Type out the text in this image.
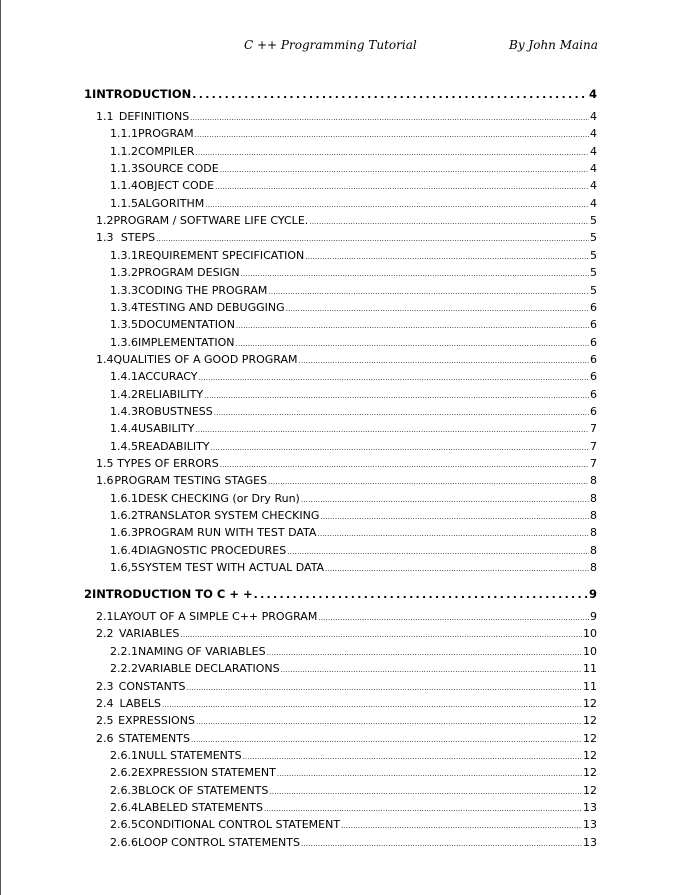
C ++ Programming Tutorial	By John Maina
1 INTRODUCTION .....	4
1.1 DEFINITIONS .....	4
1.1.1 PROGRAM .....	4
1.1.2 COMPILER .....	4
1.1.3 SOURCE CODE .....	4
1.1.4 OBJECT CODE .....	4
1.1.5 ALGORITHM .....	4
1.2 PROGRAM / SOFTWARE LIFE CYCLE. .....	5
1.3 STEPS .....	5
1.3.1 REQUIREMENT SPECIFICATION .....	5
1.3.2 PROGRAM DESIGN .....	5
1.3.3 CODING THE PROGRAM .....	5
1.3.4 TESTING AND DEBUGGING .....	6
1.3.5 DOCUMENTATION .....	6
1.3.6 IMPLEMENTATION .....	6
1.4 QUALITIES OF A GOOD PROGRAM .....	6
1.4.1 ACCURACY .....	6
1.4.2 RELIABILITY .....	6
1.4.3 ROBUSTNESS .....	6
1.4.4 USABILITY .....	7
1.4.5 READABILITY .....	7
1.5 TYPES OF ERRORS .....	7
1.6 PROGRAM TESTING STAGES .....	8
1.6.1 DESK CHECKING (or Dry Run) .....	8
1.6.2 TRANSLATOR SYSTEM CHECKING .....	8
1.6.3 PROGRAM RUN WITH TEST DATA .....	8
1.6.4 DIAGNOSTIC PROCEDURES .....	8
1.6,5 SYSTEM TEST WITH ACTUAL DATA .....	8
2 INTRODUCTION TO C + + .....	9
2.1 LAYOUT OF A SIMPLE C++ PROGRAM .....	9
2.2 VARIABLES .....	10
2.2.1 NAMING OF VARIABLES .....	10
2.2.2 VARIABLE DECLARATIONS .....	11
2.3 CONSTANTS .....	11
2.4 LABELS .....	12
2.5 EXPRESSIONS .....	12
2.6 STATEMENTS .....	12
2.6.1 NULL STATEMENTS .....	12
2.6.2 EXPRESSION STATEMENT .....	12
2.6.3 BLOCK OF STATEMENTS .....	12
2.6.4 LABELED STATEMENTS .....	13
2.6.5 CONDITIONAL CONTROL STATEMENT .....	13
2.6.6 LOOP CONTROL STATEMENTS .....	13
